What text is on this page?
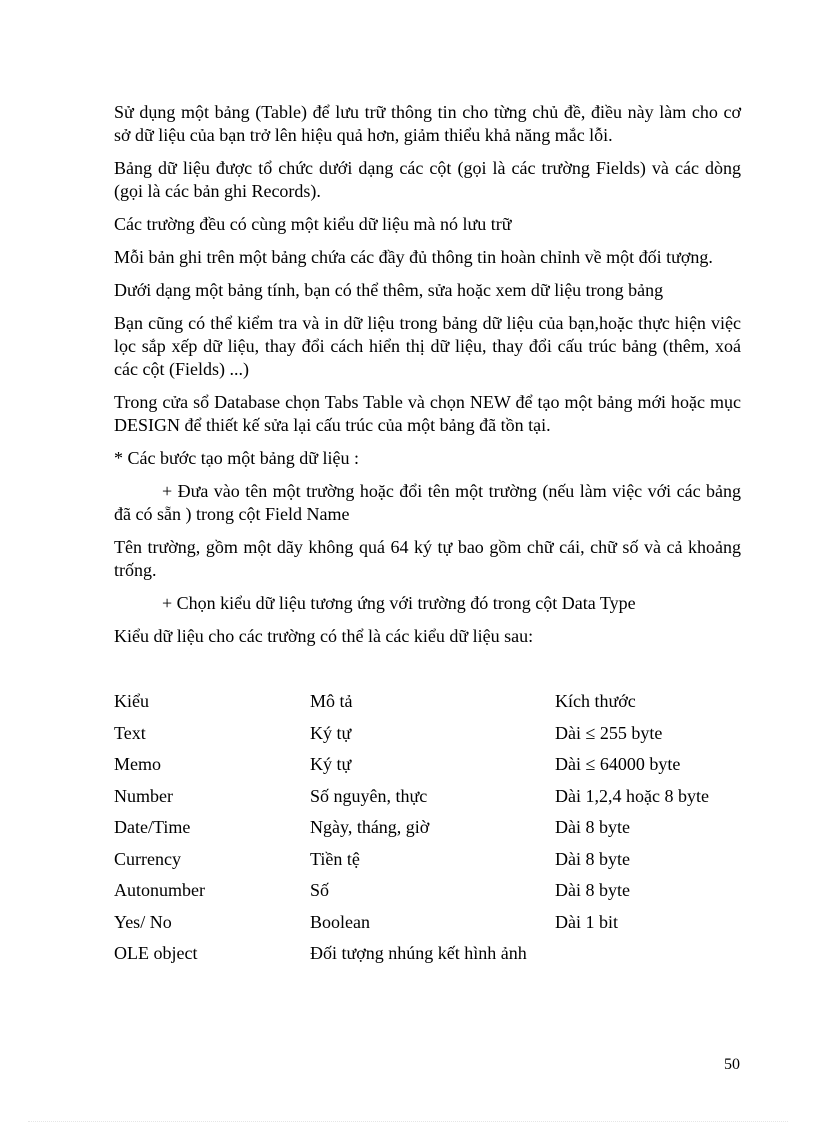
Sử dụng một bảng (Table) để lưu trữ thông tin cho từng chủ đề, điều này làm cho cơ sở dữ liệu của bạn trở lên hiệu quả hơn, giảm thiểu khả năng mắc lỗi.

Bảng dữ liệu được tổ chức dưới dạng các cột (gọi là các trường Fields) và các dòng (gọi là các bản ghi Records).

Các trường đều có cùng một kiểu dữ liệu mà nó lưu trữ

Mỗi bản ghi trên một bảng chứa các đầy đủ thông tin hoàn chỉnh về một đối tượng.

Dưới dạng một bảng tính, bạn có thể thêm, sửa hoặc xem dữ liệu trong bảng

Bạn cũng có thể kiểm tra và in dữ liệu trong bảng dữ liệu của bạn,hoặc thực hiện việc lọc sắp xếp dữ liệu, thay đổi cách hiển thị dữ liệu, thay đổi cấu trúc bảng (thêm, xoá các cột (Fields) ...)

Trong cửa sổ Database chọn Tabs Table và chọn NEW để tạo một bảng mới hoặc mục DESIGN để thiết kế sửa lại cấu trúc của một bảng đã tồn tại.

* Các bước tạo một bảng dữ liệu :

+ Đưa vào tên một trường hoặc đổi tên một trường (nếu làm việc với các bảng đã có sẵn ) trong cột Field Name

Tên trường, gồm một dãy không quá 64 ký tự bao gồm chữ cái, chữ số và cả khoảng trống.

+ Chọn kiểu dữ liệu tương ứng với trường đó trong cột Data Type

Kiểu dữ liệu cho các trường có thể là các kiểu dữ liệu sau:

Kiểu	Mô tả	Kích thước
Text	Ký tự	Dài ≤ 255 byte
Memo	Ký tự	Dài ≤ 64000 byte
Number	Số nguyên, thực	Dài 1,2,4 hoặc 8 byte
Date/Time	Ngày, tháng, giờ	Dài 8 byte
Currency	Tiền tệ	Dài 8 byte
Autonumber	Số	Dài 8 byte
Yes/ No	Boolean	Dài 1 bit
OLE object	Đối tượng nhúng kết hình ảnh	
50
